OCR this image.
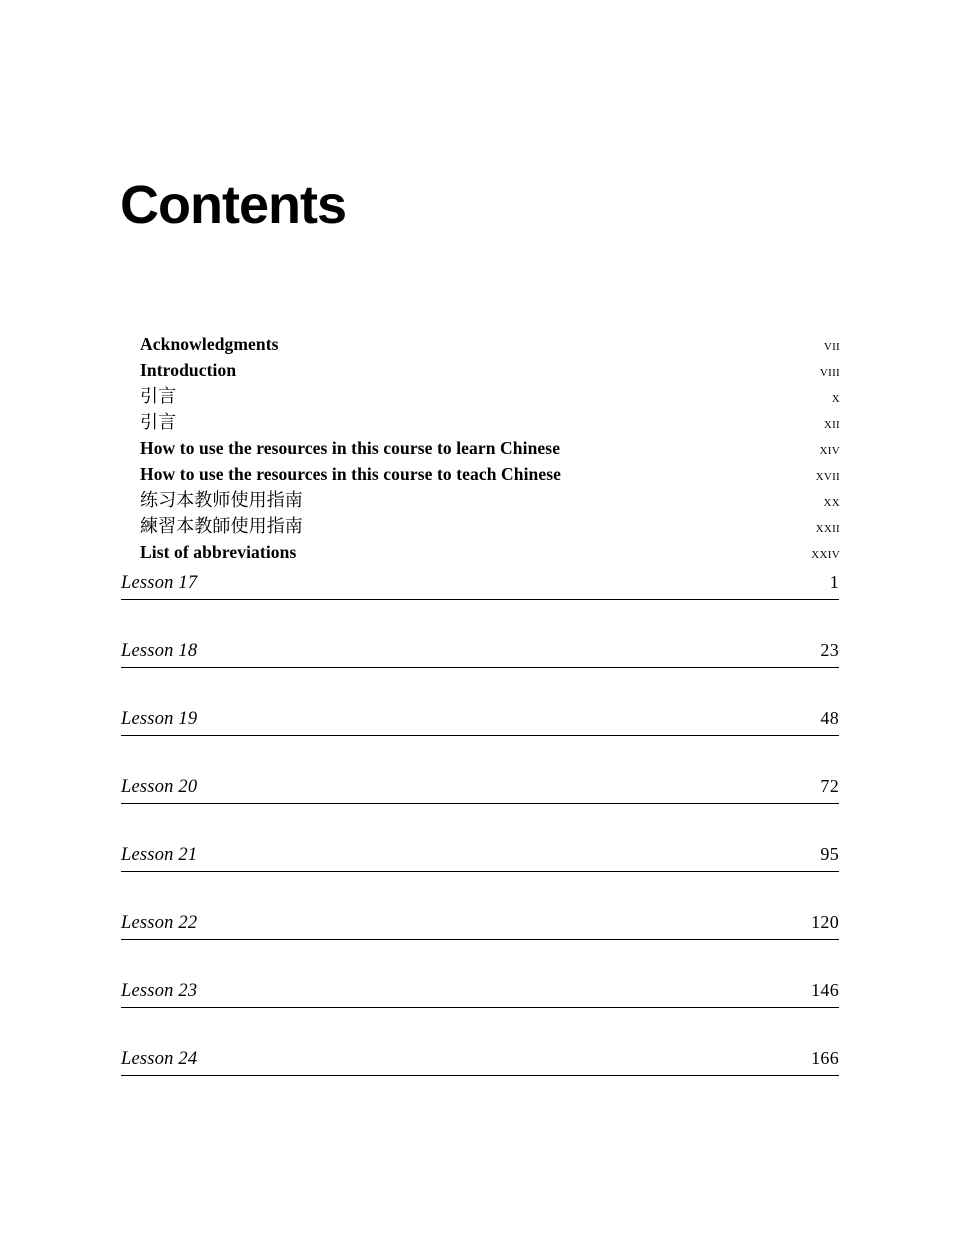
Contents
Acknowledgments	vii
Introduction	viii
引言	x
引言	xii
How to use the resources in this course to learn Chinese	xiv
How to use the resources in this course to teach Chinese	xvii
练习本教师使用指南	xx
練習本教師使用指南	xxii
List of abbreviations	xxiv
Lesson 17	1
Lesson 18	23
Lesson 19	48
Lesson 20	72
Lesson 21	95
Lesson 22	120
Lesson 23	146
Lesson 24	166
